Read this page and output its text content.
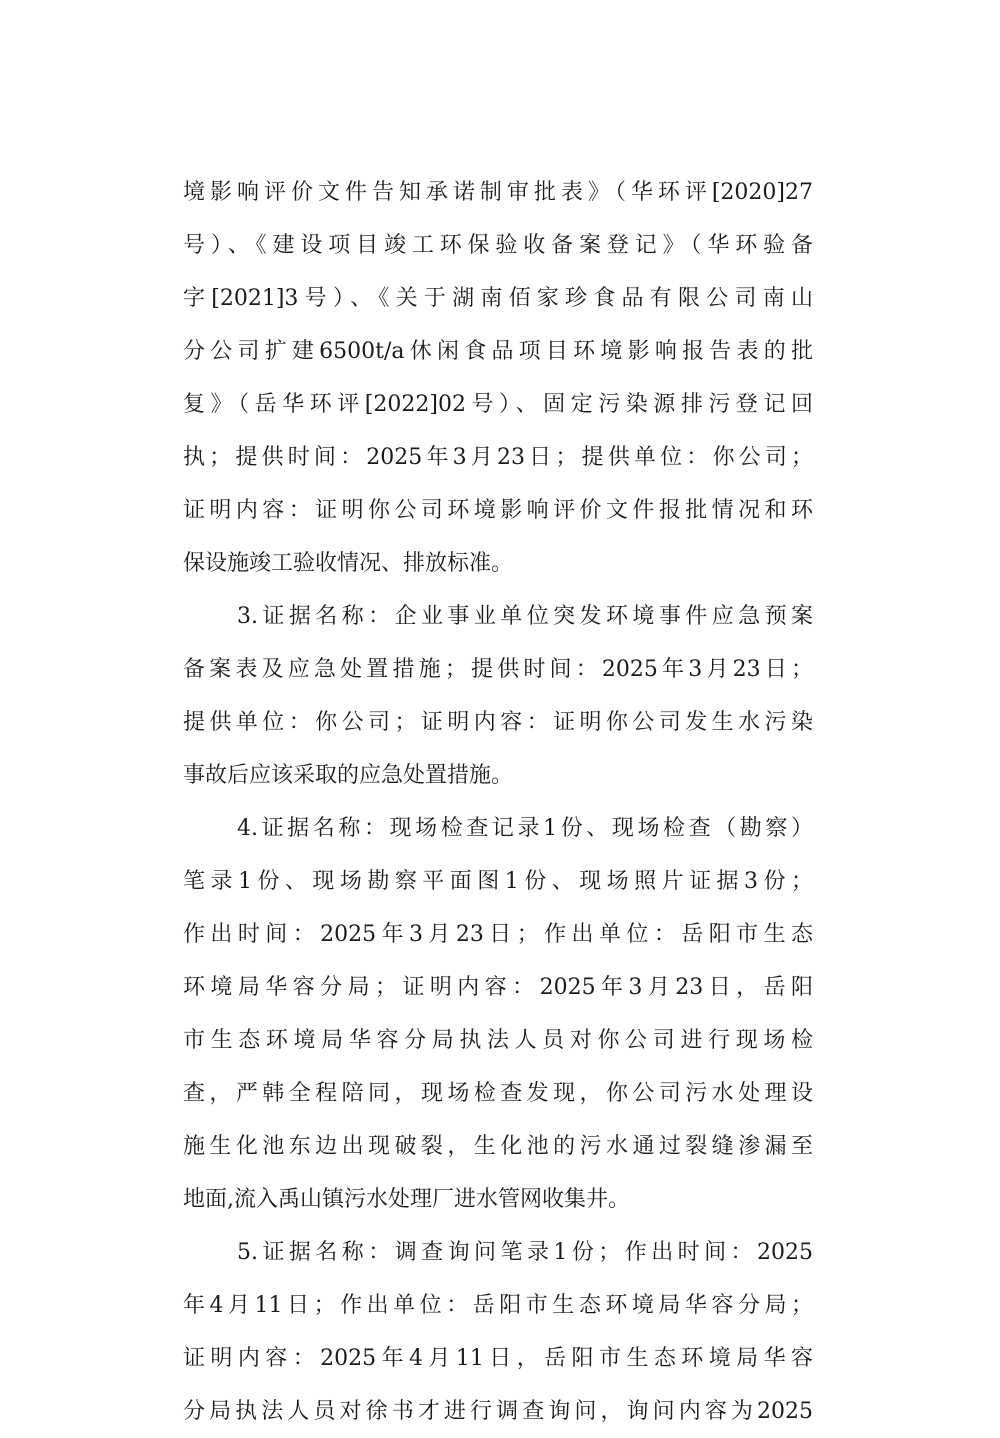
境影响评价文件告知承诺制审批表》（华环评[2020]27
号）、《建设项目竣工环保验收备案登记》（华环验备
字[2021]3号）、《关于湖南佰家珍食品有限公司南山
分公司扩建6500t/a休闲食品项目环境影响报告表的批
复》（岳华环评[2022]02号）、固定污染源排污登记回
执；提供时间：2025年3月23日；提供单位：你公司；
证明内容：证明你公司环境影响评价文件报批情况和环
保设施竣工验收情况、排放标准。
3.证据名称：企业事业单位突发环境事件应急预案
备案表及应急处置措施；提供时间：2025年3月23日；
提供单位：你公司；证明内容：证明你公司发生水污染
事故后应该采取的应急处置措施。
4.证据名称：现场检查记录1份、现场检查（勘察）
笔录1份、现场勘察平面图1份、现场照片证据3份；
作出时间：2025年3月23日；作出单位：岳阳市生态
环境局华容分局；证明内容：2025年3月23日，岳阳
市生态环境局华容分局执法人员对你公司进行现场检
查，严韩全程陪同，现场检查发现，你公司污水处理设
施生化池东边出现破裂，生化池的污水通过裂缝渗漏至
地面,流入禹山镇污水处理厂进水管网收集井。
5.证据名称：调查询问笔录1份；作出时间：2025
年4月11日；作出单位：岳阳市生态环境局华容分局；
证明内容：2025年4月11日，岳阳市生态环境局华容
分局执法人员对徐书才进行调查询问，询问内容为2025
